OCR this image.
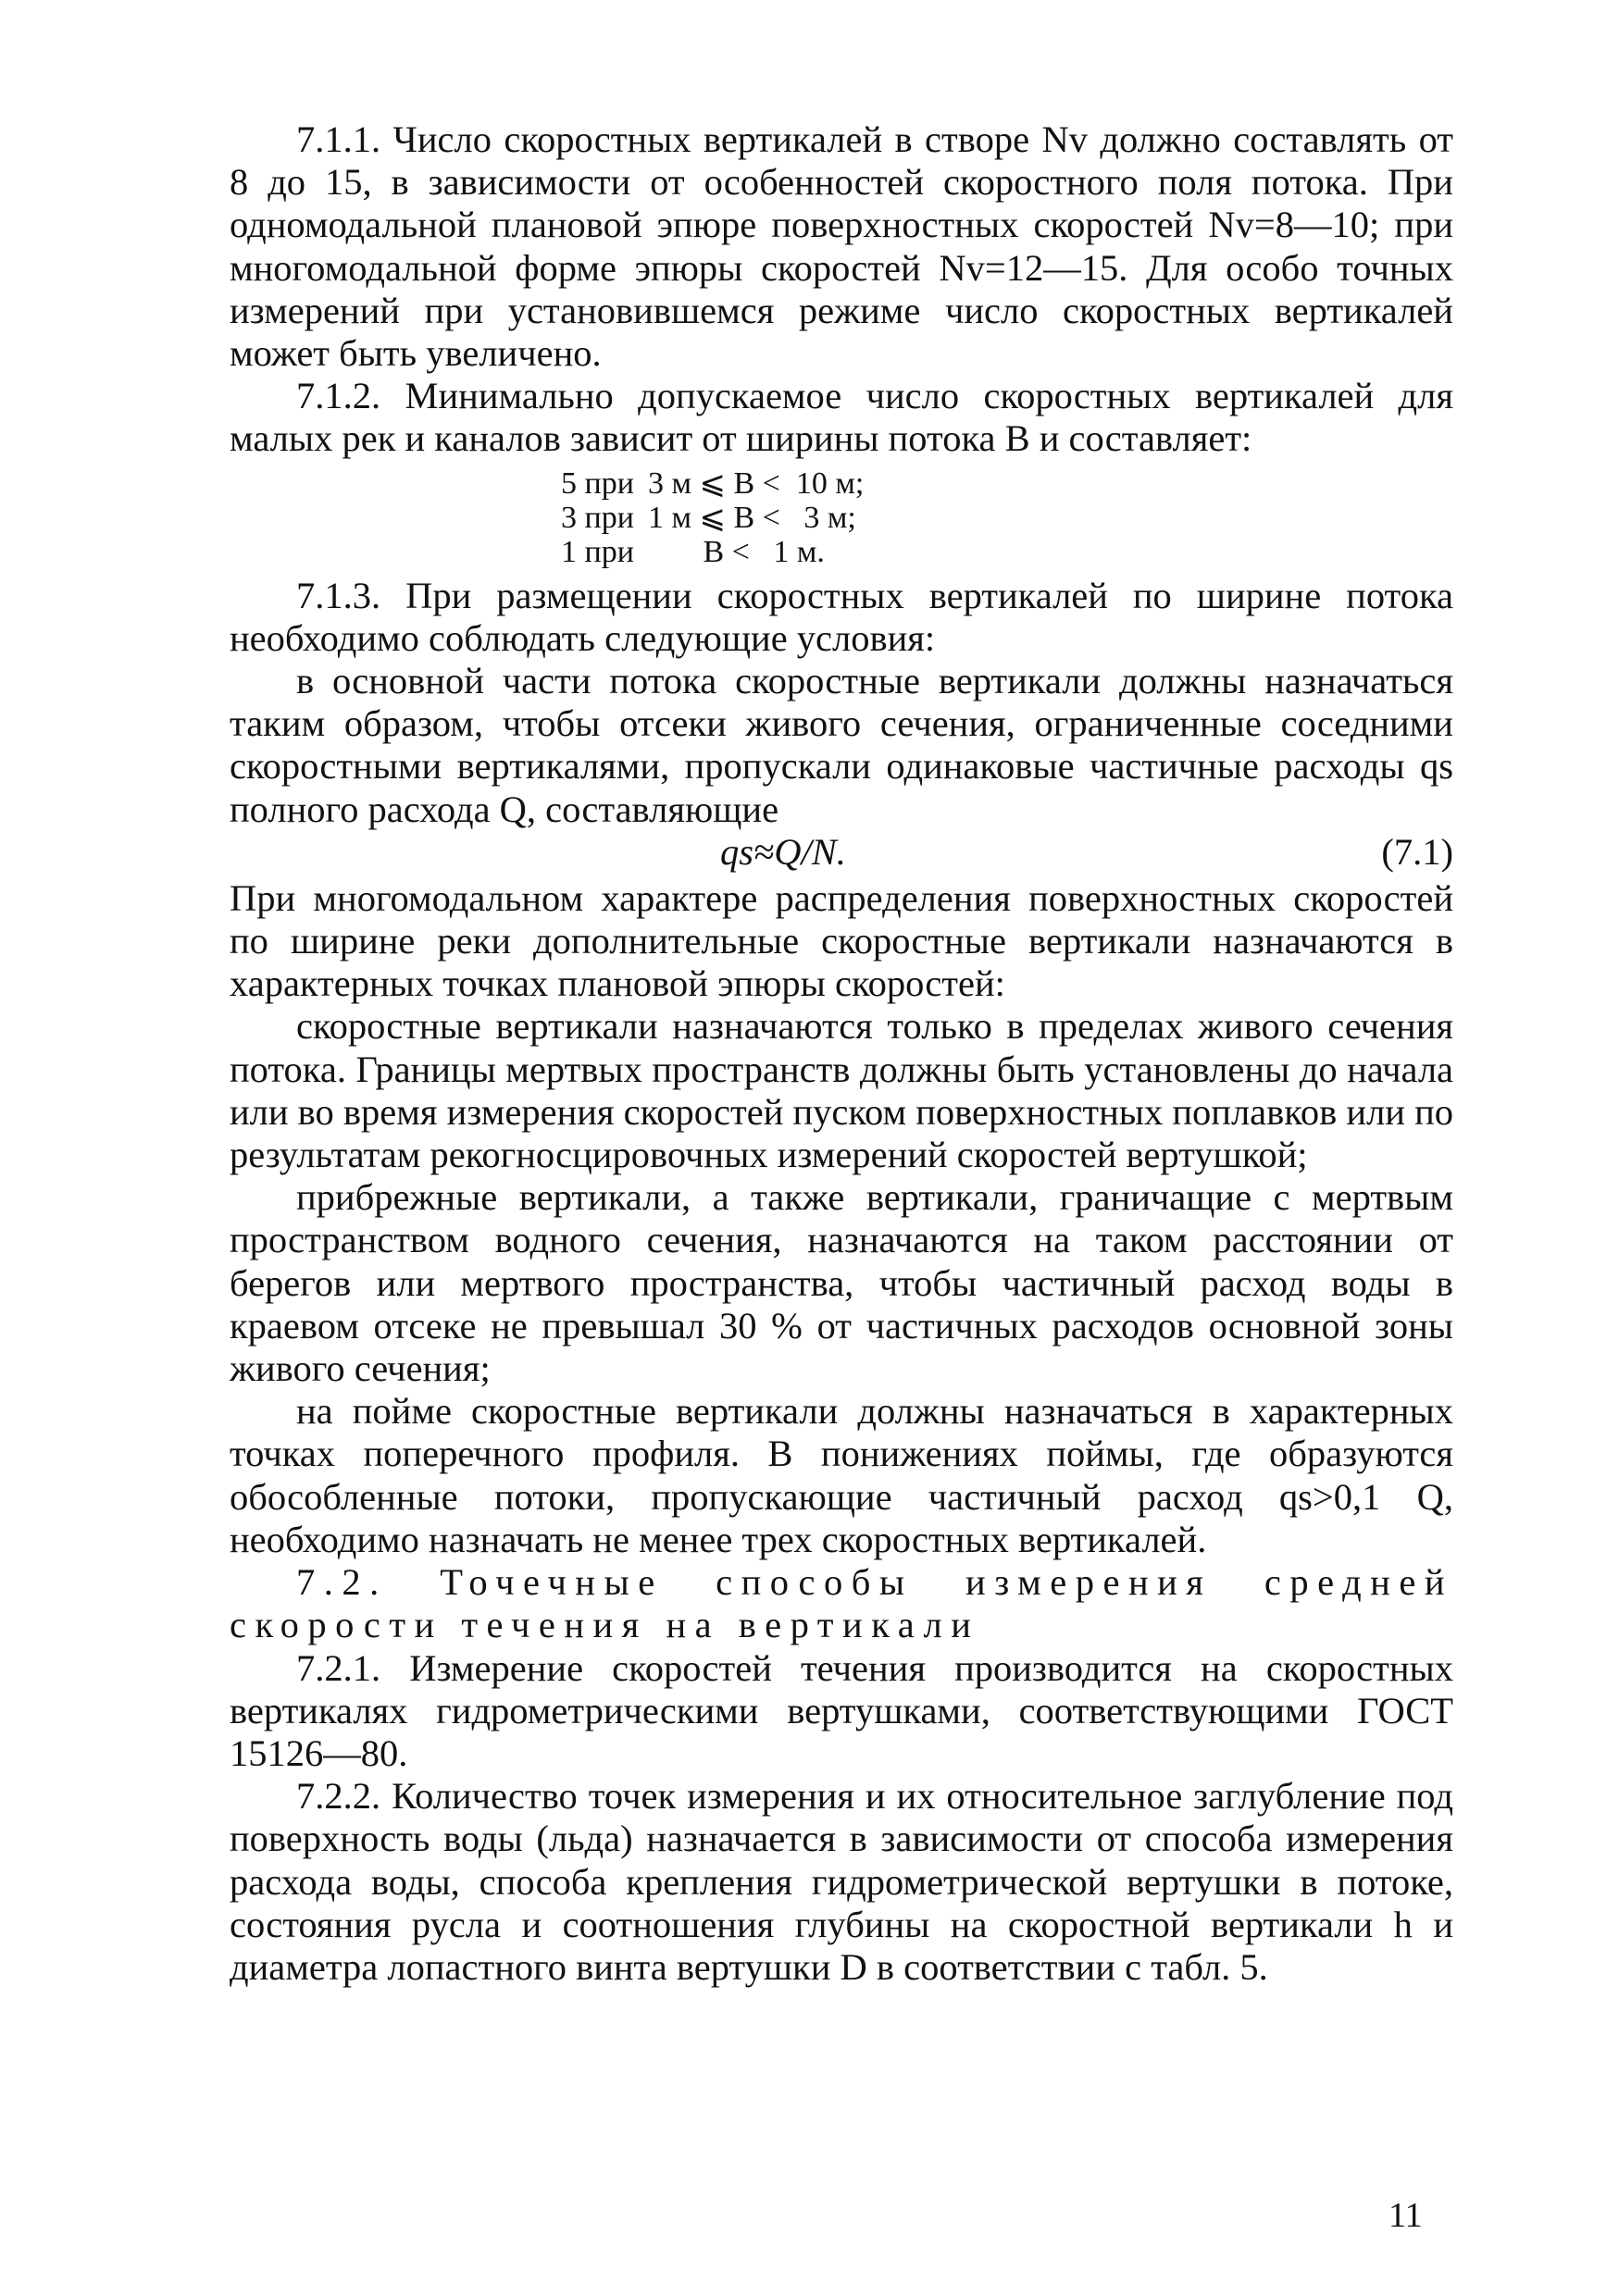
7.1.1. Число скоростных вертикалей в створе Nv должно составлять от 8 до 15, в зависимости от особенностей скоростного поля потока. При одномодальной плановой эпюре поверхностных скоростей Nv=8—10; при многомодальной форме эпюры скоростей Nv=12—15. Для особо точных измерений при установившемся режиме число скоростных вертикалей может быть увеличено.

7.1.2. Минимально допускаемое число скоростных вертикалей для малых рек и каналов зависит от ширины потока B и составляет:

5 при 3 м ⩽ B <  10 м;
3 при 1 м ⩽ B <   3 м;
1 при B <   1 м.

7.1.3. При размещении скоростных вертикалей по ширине потока необходимо соблюдать следующие условия:

в основной части потока скоростные вертикали должны назначаться таким образом, чтобы отсеки живого сечения, ограниченные соседними скоростными вертикалями, пропускали одинаковые частичные расходы qs полного расхода Q, составляющие

qs≈Q/N.	(7.1)

При многомодальном характере распределения поверхностных скоростей по ширине реки дополнительные скоростные вертикали назначаются в характерных точках плановой эпюры скоростей:

скоростные вертикали назначаются только в пределах живого сечения потока. Границы мертвых пространств должны быть установлены до начала или во время измерения скоростей пуском поверхностных поплавков или по результатам рекогносцировочных измерений скоростей вертушкой;

прибрежные вертикали, а также вертикали, граничащие с мертвым пространством водного сечения, назначаются на таком расстоянии от берегов или мертвого пространства, чтобы частичный расход воды в краевом отсеке не превышал 30 % от частичных расходов основной зоны живого сечения;

на пойме скоростные вертикали должны назначаться в характерных точках поперечного профиля. В понижениях поймы, где образуются обособленные потоки, пропускающие частичный расход qs>0,1 Q, необходимо назначать не менее трех скоростных вертикалей.

7.2. Точечные способы измерения средней

скорости течения на вертикали

7.2.1. Измерение скоростей течения производится на скоростных вертикалях гидрометрическими вертушками, соответствующими ГОСТ 15126—80.

7.2.2. Количество точек измерения и их относительное заглубление под поверхность воды (льда) назначается в зависимости от способа измерения расхода воды, способа крепления гидрометрической вертушки в потоке, состояния русла и соотношения глубины на скоростной вертикали h и диаметра лопастного винта вертушки D в соответствии с табл. 5.

11
